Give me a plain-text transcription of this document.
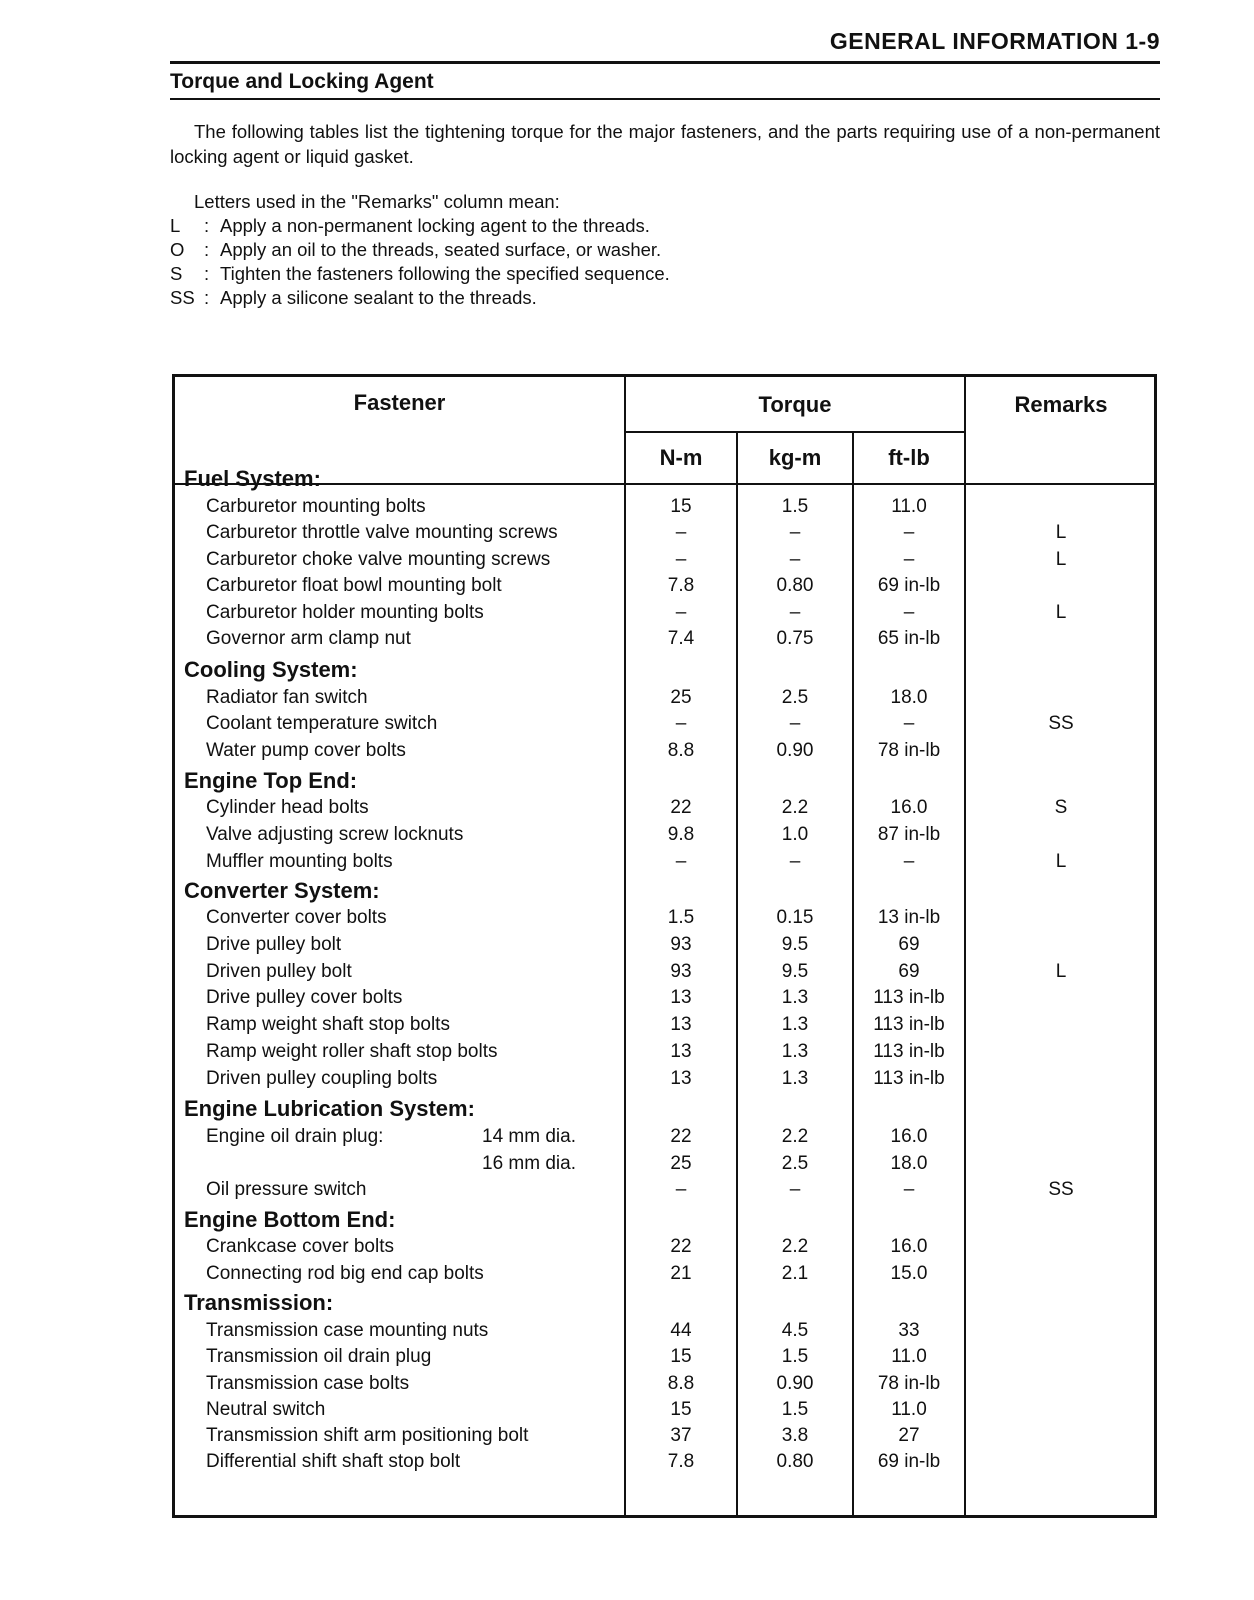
GENERAL INFORMATION 1-9
Torque and Locking Agent
The following tables list the tightening torque for the major fasteners, and the parts requiring use of a non-permanent locking agent or liquid gasket.
Letters used in the "Remarks" column mean:
L : Apply a non-permanent locking agent to the threads.
O : Apply an oil to the threads, seated surface, or washer.
S : Tighten the fasteners following the specified sequence.
SS : Apply a silicone sealant to the threads.
Fastener	Torque	Remarks
N-m	kg-m	ft-lb
Fuel System:
Carburetor mounting bolts	15	1.5	11.0
Carburetor throttle valve mounting screws	–	–	–	L
Carburetor choke valve mounting screws	–	–	–	L
Carburetor float bowl mounting bolt	7.8	0.80	69 in-lb
Carburetor holder mounting bolts	–	–	–	L
Governor arm clamp nut	7.4	0.75	65 in-lb
Cooling System:
Radiator fan switch	25	2.5	18.0
Coolant temperature switch	–	–	–	SS
Water pump cover bolts	8.8	0.90	78 in-lb
Engine Top End:
Cylinder head bolts	22	2.2	16.0	S
Valve adjusting screw locknuts	9.8	1.0	87 in-lb
Muffler mounting bolts	–	–	–	L
Converter System:
Converter cover bolts	1.5	0.15	13 in-lb
Drive pulley bolt	93	9.5	69
Driven pulley bolt	93	9.5	69	L
Drive pulley cover bolts	13	1.3	113 in-lb
Ramp weight shaft stop bolts	13	1.3	113 in-lb
Ramp weight roller shaft stop bolts	13	1.3	113 in-lb
Driven pulley coupling bolts	13	1.3	113 in-lb
Engine Lubrication System:
Engine oil drain plug:	14 mm dia.	22	2.2	16.0
16 mm dia.	25	2.5	18.0
Oil pressure switch	–	–	–	SS
Engine Bottom End:
Crankcase cover bolts	22	2.2	16.0
Connecting rod big end cap bolts	21	2.1	15.0
Transmission:
Transmission case mounting nuts	44	4.5	33
Transmission oil drain plug	15	1.5	11.0
Transmission case bolts	8.8	0.90	78 in-lb
Neutral switch	15	1.5	11.0
Transmission shift arm positioning bolt	37	3.8	27
Differential shift shaft stop bolt	7.8	0.80	69 in-lb
